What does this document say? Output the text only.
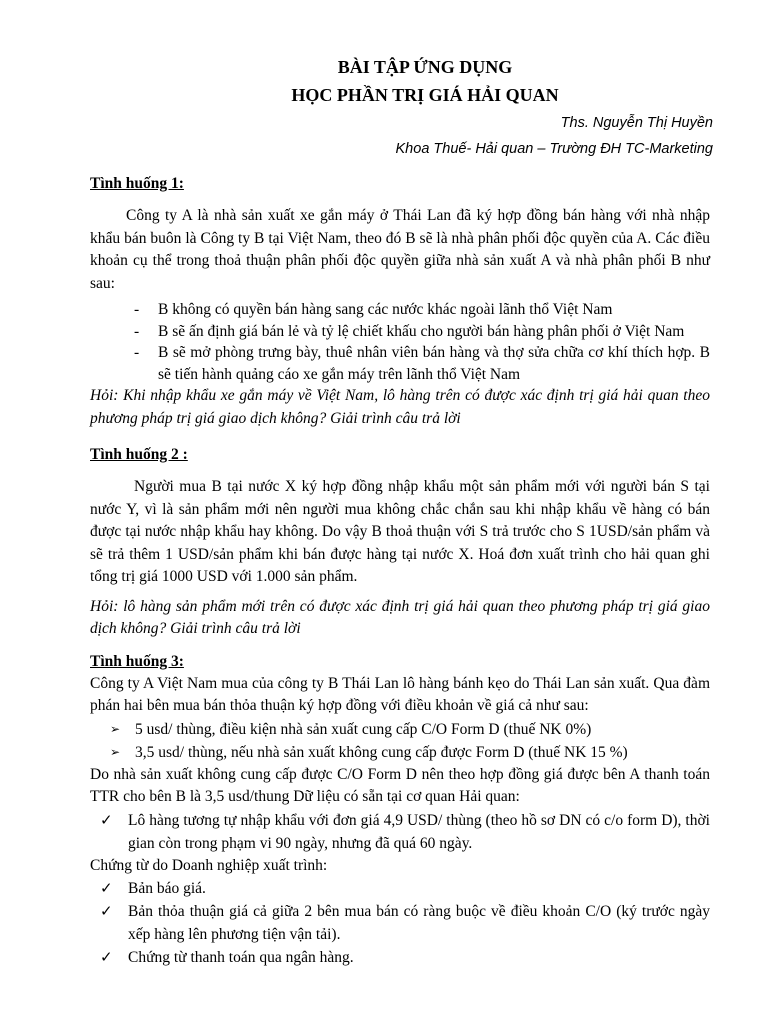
BÀI TẬP ỨNG DỤNG
HỌC PHẦN TRỊ GIÁ HẢI QUAN
Ths. Nguyễn Thị Huyền
Khoa Thuế- Hải quan – Trường ĐH TC-Marketing
Tình huống 1:

Công ty A là nhà sản xuất xe gắn máy ở Thái Lan đã ký hợp đồng bán hàng với nhà nhập khẩu bán buôn là Công ty B tại Việt Nam, theo đó B sẽ là nhà phân phối độc quyền của A. Các điều khoản cụ thể trong thoả thuận phân phối độc quyền giữa nhà sản xuất A và nhà phân phối B như sau:

- B không có quyền bán hàng sang các nước khác ngoài lãnh thổ Việt Nam
- B sẽ ấn định giá bán lẻ và tỷ lệ chiết khấu cho người bán hàng phân phối ở Việt Nam
- B sẽ mở phòng trưng bày, thuê nhân viên bán hàng và thợ sửa chữa cơ khí thích hợp. B sẽ tiến hành quảng cáo xe gắn máy trên lãnh thổ Việt Nam

Hỏi: Khi nhập khẩu xe gắn máy về Việt Nam, lô hàng trên có được xác định trị giá hải quan theo phương pháp trị giá giao dịch không? Giải trình câu trả lời

Tình huống 2 :

Người mua B tại nước X ký hợp đồng nhập khẩu một sản phẩm mới với người bán S tại nước Y, vì là sản phẩm mới nên người mua không chắc chắn sau khi nhập khẩu về hàng có bán được tại nước nhập khẩu hay không. Do vậy B thoả thuận với S trả trước cho S 1USD/sản phẩm và sẽ trả thêm 1 USD/sản phẩm khi bán được hàng tại nước X. Hoá đơn xuất trình cho hải quan ghi tổng trị giá 1000 USD với 1.000 sản phẩm.

Hỏi: lô hàng sản phẩm mới trên có được xác định trị giá hải quan theo phương pháp trị giá giao dịch không? Giải trình câu trả lời

Tình huống 3:

Công ty A Việt Nam mua của công ty B Thái Lan lô hàng bánh kẹo do Thái Lan sản xuất. Qua đàm phán hai bên mua bán thỏa thuận ký hợp đồng với điều khoản về giá cả như sau:

➢ 5 usd/ thùng, điều kiện nhà sản xuất cung cấp C/O Form D (thuế NK 0%)
➢ 3,5 usd/ thùng, nếu nhà sản xuất không cung cấp được Form D (thuế NK 15 %)

Do nhà sản xuất không cung cấp được C/O Form D nên theo hợp đồng giá được bên A thanh toán TTR cho bên B là 3,5 usd/thung Dữ liệu có sẵn tại cơ quan Hải quan:

✓ Lô hàng tương tự nhập khẩu với đơn giá 4,9 USD/ thùng (theo hồ sơ DN có c/o form D), thời gian còn trong phạm vi 90 ngày, nhưng đã quá 60 ngày.

Chứng từ do Doanh nghiệp xuất trình:

✓ Bản báo giá.
✓ Bản thỏa thuận giá cả giữa 2 bên mua bán có ràng buộc về điều khoản C/O (ký trước ngày xếp hàng lên phương tiện vận tải).
✓ Chứng từ thanh toán qua ngân hàng.
